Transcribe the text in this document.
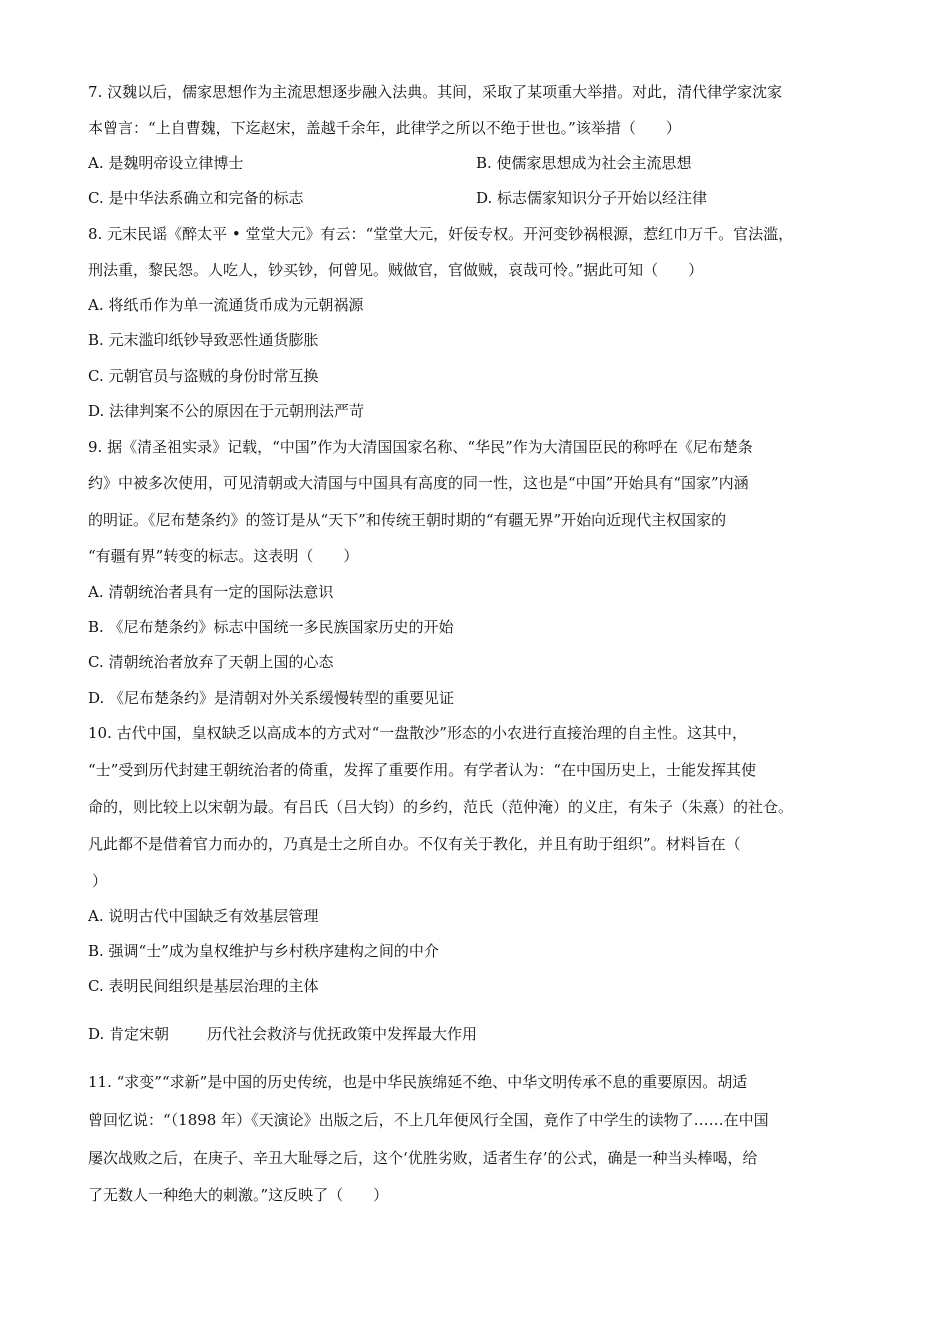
7. 汉魏以后，儒家思想作为主流思想逐步融入法典。其间，采取了某项重大举措。对此，清代律学家沈家
本曾言：“上自曹魏，下迄赵宋，盖越千余年，此律学之所以不绝于世也。”该举措（　　）
A. 是魏明帝设立律博士	B. 使儒家思想成为社会主流思想
C. 是中华法系确立和完备的标志	D. 标志儒家知识分子开始以经注律
8. 元末民谣《醉太平 • 堂堂大元》有云：“堂堂大元，奸佞专权。开河变钞祸根源，惹红巾万千。官法滥，
刑法重，黎民怨。人吃人，钞买钞，何曾见。贼做官，官做贼，哀哉可怜。”据此可知（　　）
A. 将纸币作为单一流通货币成为元朝祸源
B. 元末滥印纸钞导致恶性通货膨胀
C. 元朝官员与盗贼的身份时常互换
D. 法律判案不公的原因在于元朝刑法严苛
9. 据《清圣祖实录》记载，“中国”作为大清国国家名称、“华民”作为大清国臣民的称呼在《尼布楚条
约》中被多次使用，可见清朝或大清国与中国具有高度的同一性，这也是“中国”开始具有“国家”内涵
的明证。《尼布楚条约》的签订是从“天下”和传统王朝时期的“有疆无界”开始向近现代主权国家的
“有疆有界”转变的标志。这表明（　　）
A. 清朝统治者具有一定的国际法意识
B. 《尼布楚条约》标志中国统一多民族国家历史的开始
C. 清朝统治者放弃了天朝上国的心态
D. 《尼布楚条约》是清朝对外关系缓慢转型的重要见证
10. 古代中国，皇权缺乏以高成本的方式对“一盘散沙”形态的小农进行直接治理的自主性。这其中，
“士”受到历代封建王朝统治者的倚重，发挥了重要作用。有学者认为：“在中国历史上，士能发挥其使
命的，则比较上以宋朝为最。有吕氏（吕大钧）的乡约，范氏（范仲淹）的义庄，有朱子（朱熹）的社仓。
凡此都不是借着官力而办的，乃真是士之所自办。不仅有关于教化，并且有助于组织”。材料旨在（
）
A. 说明古代中国缺乏有效基层管理
B. 强调“士”成为皇权维护与乡村秩序建构之间的中介
C. 表明民间组织是基层治理的主体
D. 肯定宋朝	历代社会救济与优抚政策中发挥最大作用
11. “求变”“求新”是中国的历史传统，也是中华民族绵延不绝、中华文明传承不息的重要原因。胡适
曾回忆说：“（1898 年）《天演论》出版之后，不上几年便风行全国，竟作了中学生的读物了……在中国
屡次战败之后，在庚子、辛丑大耻辱之后，这个‘优胜劣败，适者生存’的公式，确是一种当头棒喝，给
了无数人一种绝大的刺激。”这反映了（　　）
